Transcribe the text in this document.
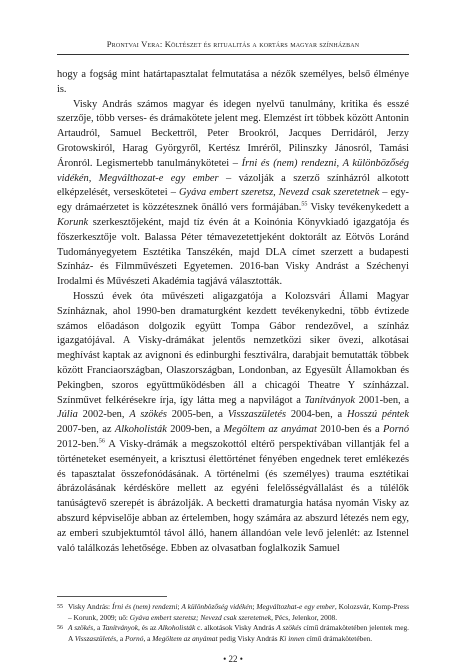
Prontvai Vera: Költészet és ritualitás a kortárs magyar színházban

hogy a fogság mint határtapasztalat felmutatása a nézők személyes, belső élménye is.

Visky András számos magyar és idegen nyelvű tanulmány, kritika és esszé szerzője, több verses- és drámakötete jelent meg. Elemzést írt többek között Antonin Artaudról, Samuel Beckettről, Peter Brookról, Jacques Derridáról, Jerzy Grotowskiról, Harag Györgyről, Kertész Imréről, Pilinszky Jánosról, Tamási Áronról. Legismertebb tanulmánykötetei – Írni és (nem) rendezni, A különbözőség vidékén, Megválthozat-e egy ember – vázolják a szerző színházról alkotott elképzelését, verseskötetei – Gyáva embert szeretsz, Nevezd csak szeretetnek – egy-egy drámaérzetet is közzétesznek önálló vers formájában.$^{55}$ Visky tevékenykedett a Korunk szerkesztőjeként, majd tíz évén át a Koinónia Könyvkiadó igazgatója és főszerkesztője volt. Balassa Péter témavezetettjeként doktorált az Eötvös Loránd Tudományegyetem Esztétika Tanszékén, majd DLA címet szerzett a budapesti Színház- és Filmművészeti Egyetemen. 2016-ban Visky Andrást a Széchenyi Irodalmi és Művészeti Akadémia tagjává választották.

Hosszú évek óta művészeti aligazgatója a Kolozsvári Állami Magyar Színháznak, ahol 1990-ben dramaturgként kezdett tevékenykedni, több évtizede számos előadáson dolgozik együtt Tompa Gábor rendezővel, a színház igazgatójával. A Visky-drámákat jelentős nemzetközi siker övezi, alkotásai meghívást kaptak az avignoni és edinburghi fesztiválra, darabjait bemutatták többek között Franciaországban, Olaszországban, Londonban, az Egyesült Államokban és Pekingben, szoros együttműködésben áll a chicagói Theatre Y színházzal. Színművet felkérésekre írja, így látta meg a napvilágot a Tanítványok 2001-ben, a Júlia 2002-ben, A szökés 2005-ben, a Visszaszületés 2004-ben, a Hosszú péntek 2007-ben, az Alkoholisták 2009-ben, a Megöltem az anyámat 2010-ben és a Pornó 2012-ben.$^{56}$ A Visky-drámák a megszokottól eltérő perspektívában villantják fel a történeteket eseményeit, a krisztusi élettörténet fényében engednek teret emlékezés és tapasztalat összefonódásának. A történelmi (és személyes) trauma esztétikai ábrázolásának kérdéskörе mellett az egyéni felelősségvállalást és a túlélők tanúságtevő szerepét is ábrázolják. A becketti dramaturgia hatása nyomán Visky az abszurd képviselője abban az értelemben, hogy számára az abszurd létezés nem egy, az emberi szubjektumtól távol álló, hanem állandóan vele levő jelenlét: az Istennel való találkozás lehetősége. Ebben az olvasatban foglalkozik Samuel

55 Visky András: Írni és (nem) rendezni; A különbözőség vidékén; Megváltozhat-e egy ember, Kolozsvár, Komp-Press – Korunk, 2009; uő: Gyáva embert szeretsz; Nevezd csak szeretetnek, Pécs, Jelenkor, 2008.

56 A szökés, a Tanítványok, és az Alkoholisták c. alkotások Visky András A szökés című drámakötetében jelentek meg. A Visszaszületés, a Pornó, a Megöltem az anyámat pedig Visky András Ki innen című drámakötetében.

• 22 •
